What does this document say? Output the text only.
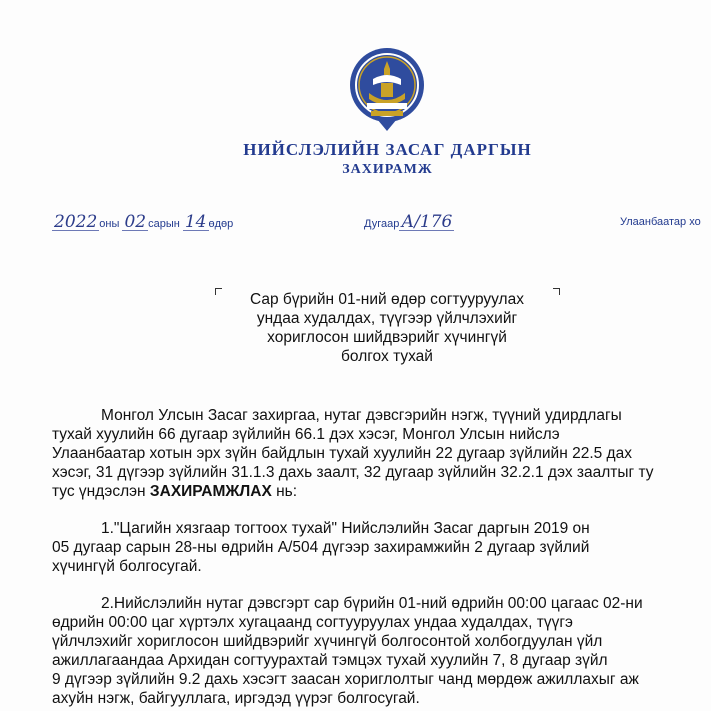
НИЙСЛЭЛИЙН ЗАСАГ ДАРГЫН
ЗАХИРАМЖ
2022 оны 02 сарын 14 өдөр	Дугаар А/176	Улаанбаатар хо
Сар бүрийн 01-ний өдөр согтууруулах
ундаа худалдах, түүгээр үйлчлэхийг
хориглосон шийдвэрийг хүчингүй
болгох тухай
Монгол Улсын Засаг захиргаа, нутаг дэвсгэрийн нэгж, түүний удирдлагы
тухай хуулийн 66 дугаар зүйлийн 66.1 дэх хэсэг, Монгол Улсын нийслэ
Улаанбаатар хотын эрх зүйн байдлын тухай хуулийн 22 дугаар зүйлийн 22.5 дах
хэсэг, 31 дүгээр зүйлийн 31.1.3 дахь заалт, 32 дугаар зүйлийн 32.2.1 дэх заалтыг ту
тус үндэслэн ЗАХИРАМЖЛАХ нь:
1."Цагийн хязгаар тогтоох тухай" Нийслэлийн Засаг даргын 2019 он
05 дугаар сарын 28-ны өдрийн А/504 дүгээр захирамжийн 2 дугаар зүйлий
хүчингүй болгосугай.
2.Нийслэлийн нутаг дэвсгэрт сар бүрийн 01-ний өдрийн 00:00 цагаас 02-ни
өдрийн 00:00 цаг хүртэлх хугацаанд согтууруулах ундаа худалдах, түүгэ
үйлчлэхийг хориглосон шийдвэрийг хүчингүй болгосонтой холбогдуулан үйл
ажиллагаандаа Архидан согтуурахтай тэмцэх тухай хуулийн 7, 8 дугаар зүйл
9 дүгээр зүйлийн 9.2 дахь хэсэгт заасан хориглолтыг чанд мөрдөж ажиллахыг аж
ахуйн нэгж, байгууллага, иргэдэд үүрэг болгосугай.
